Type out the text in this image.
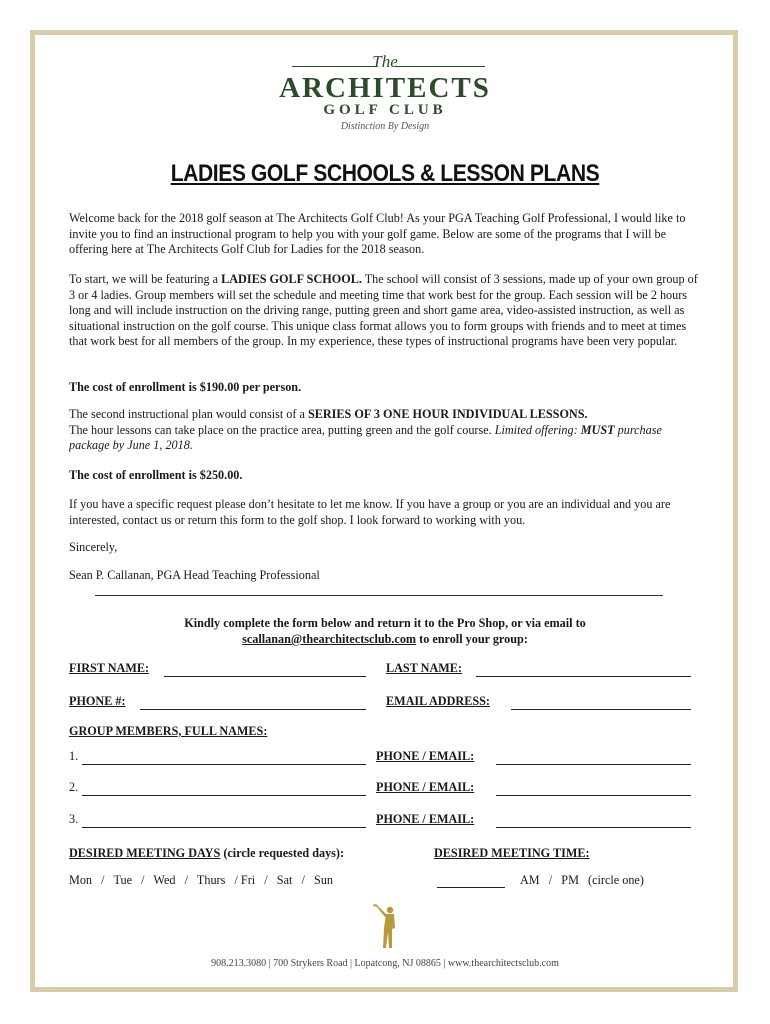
The
ARCHITECTS
GOLF CLUB
Distinction By Design
LADIES GOLF SCHOOLS & LESSON PLANS

Welcome back for the 2018 golf season at The Architects Golf Club! As your PGA Teaching Golf Professional, I would like to invite you to find an instructional program to help you with your golf game. Below are some of the programs that I will be offering here at The Architects Golf Club for Ladies for the 2018 season.

To start, we will be featuring a LADIES GOLF SCHOOL. The school will consist of 3 sessions, made up of your own group of 3 or 4 ladies. Group members will set the schedule and meeting time that work best for the group. Each session will be 2 hours long and will include instruction on the driving range, putting green and short game area, video-assisted instruction, as well as situational instruction on the golf course. This unique class format allows you to form groups with friends and to meet at times that work best for all members of the group. In my experience, these types of instructional programs have been very popular.

The cost of enrollment is $190.00 per person.

The second instructional plan would consist of a SERIES OF 3 ONE HOUR INDIVIDUAL LESSONS.
The hour lessons can take place on the practice area, putting green and the golf course. Limited offering: MUST purchase package by June 1, 2018.

The cost of enrollment is $250.00.

If you have a specific request please don’t hesitate to let me know. If you have a group or you are an individual and you are interested, contact us or return this form to the golf shop. I look forward to working with you.

Sincerely,

Sean P. Callanan, PGA Head Teaching Professional

Kindly complete the form below and return it to the Pro Shop, or via email to
scallanan@thearchitectsclub.com to enroll your group:
FIRST NAME:	LAST NAME:
PHONE #:	EMAIL ADDRESS:
GROUP MEMBERS, FULL NAMES:
1.	PHONE / EMAIL:
2.	PHONE / EMAIL:
3.	PHONE / EMAIL:
DESIRED MEETING DAYS (circle requested days):
Mon   /   Tue   /   Wed   /   Thurs   / Fri   /   Sat   /   Sun
DESIRED MEETING TIME:
AM   /   PM   (circle one)
908.213.3080 | 700 Strykers Road | Lopatcong, NJ 08865 | www.thearchitectsclub.com
